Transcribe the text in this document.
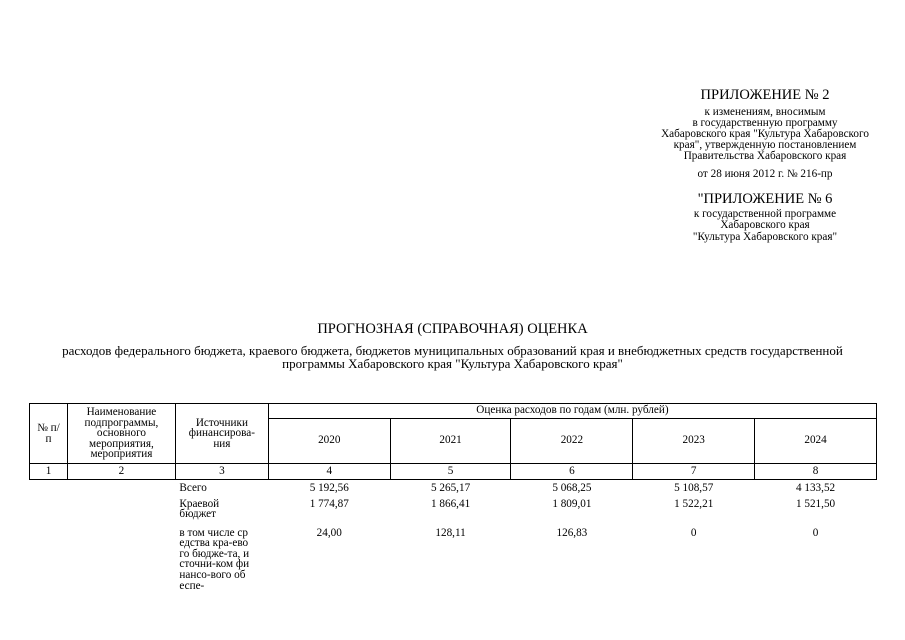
ПРИЛОЖЕНИЕ № 2
к изменениям, вносимым
в государственную программу
Хабаровского края "Культура Хабаровского
края", утвержденную постановлением
Правительства Хабаровского края
от 28 июня 2012 г. № 216-пр
"ПРИЛОЖЕНИЕ № 6
к государственной программе
Хабаровского края
"Культура Хабаровского края"
ПРОГНОЗНАЯ (СПРАВОЧНАЯ) ОЦЕНКА
расходов федерального бюджета, краевого бюджета, бюджетов муниципальных образований края и внебюджетных средств государственной программы Хабаровского края "Культура Хабаровского края"
№ п/п	Наименование подпрограммы, основного мероприятия, мероприятия	Источники финансирова-ния	Оценка расходов по годам (млн. рублей)				
			2020	2021	2022	2023	2024
1	2	3	4	5	6	7	8
		Всего	5 192,56	5 265,17	5 068,25	5 108,57	4 133,52

		Краевой бюджет	1 774,87	1 866,41	1 809,01	1 522,21	1 521,50

		в том числе средства кра-евого бюдже-та, источни-ком финансо-вого обеспе-	24,00	128,11	126,83	0	0
